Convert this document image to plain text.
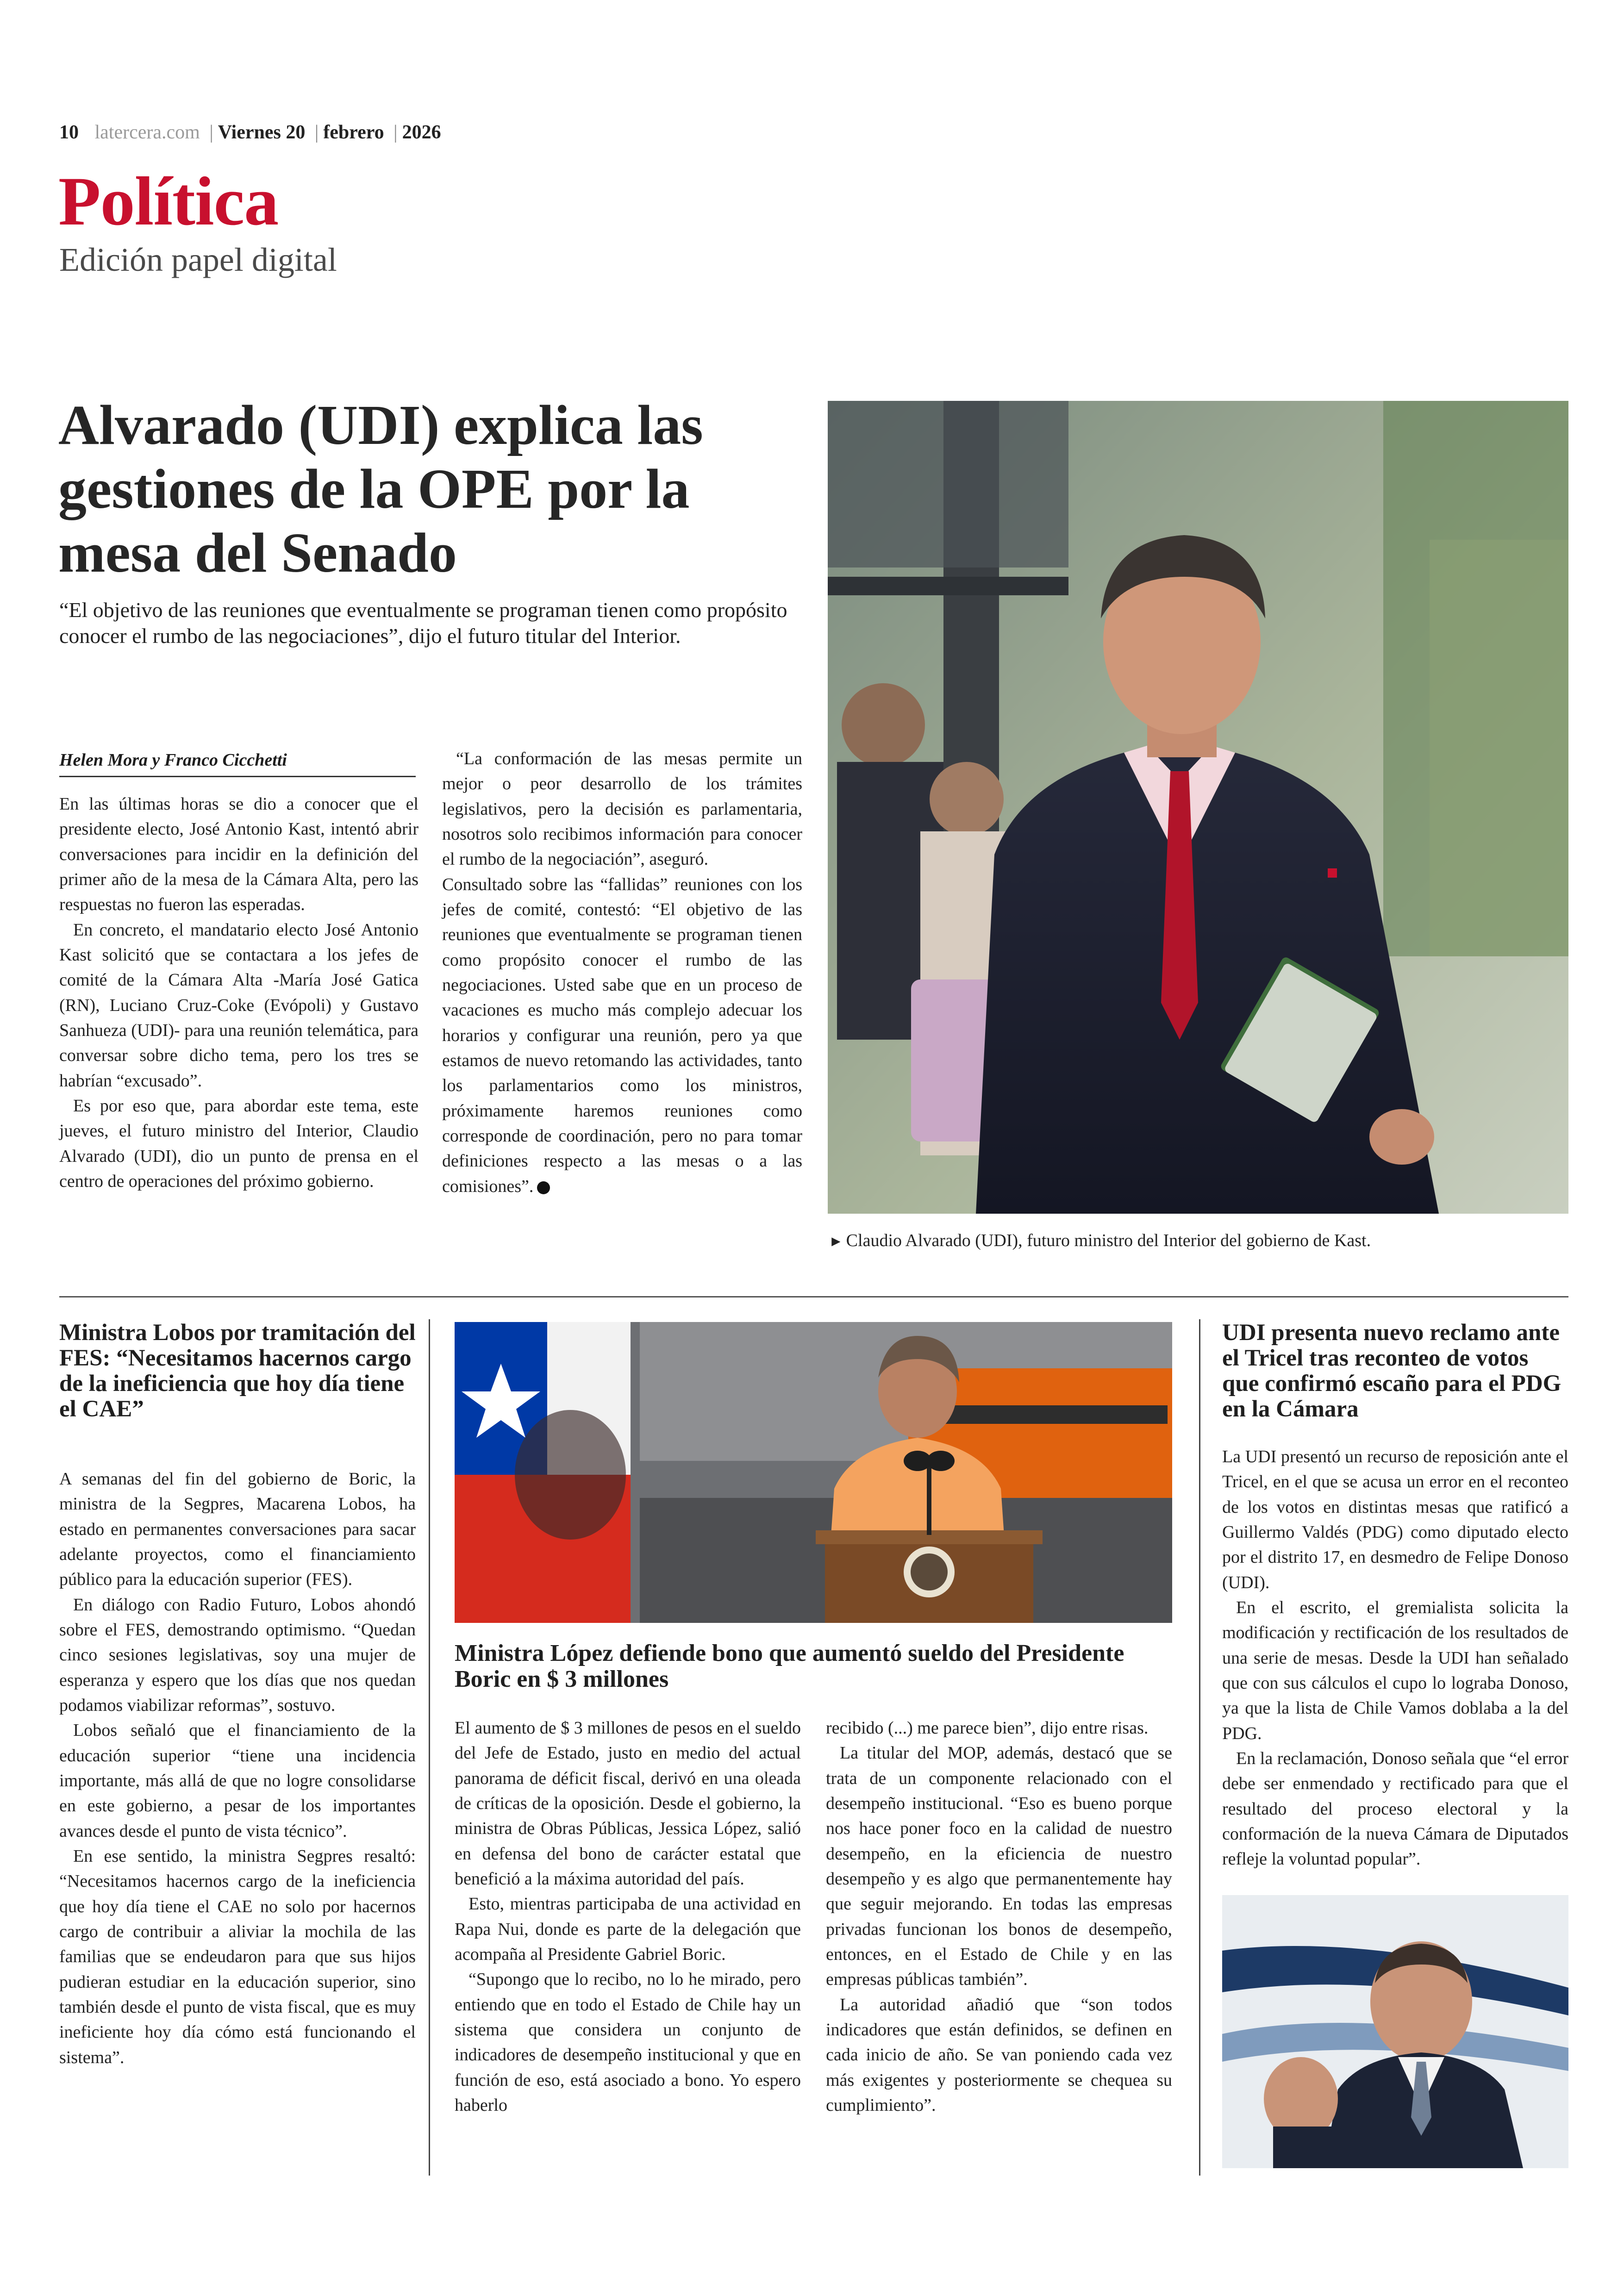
10 latercera.com | Viernes 20 | febrero | 2026
Política
Edición papel digital
Alvarado (UDI) explica las gestiones de la OPE por la mesa del Senado

“El objetivo de las reuniones que eventualmente se programan tienen como propósito conocer el rumbo de las negociaciones”, dijo el futuro titular del Interior.

Helen Mora y Franco Cicchetti

En las últimas horas se dio a conocer que el presidente electo, José Antonio Kast, intentó abrir conversaciones para incidir en la definición del primer año de la mesa de la Cámara Alta, pero las respuestas no fueron las esperadas.

En concreto, el mandatario electo José Antonio Kast solicitó que se contactara a los jefes de comité de la Cámara Alta -María José Gatica (RN), Luciano Cruz-Coke (Evópoli) y Gustavo Sanhueza (UDI)- para una reunión telemática, para conversar sobre dicho tema, pero los tres se habrían “excusado”.

Es por eso que, para abordar este tema, este jueves, el futuro ministro del Interior, Claudio Alvarado (UDI), dio un punto de prensa en el centro de operaciones del próximo gobierno.

“La conformación de las mesas permite un mejor o peor desarrollo de los trámites legislativos, pero la decisión es parlamentaria, nosotros solo recibimos información para conocer el rumbo de la negociación”, aseguró.

Consultado sobre las “fallidas” reuniones con los jefes de comité, contestó: “El objetivo de las reuniones que eventualmente se programan tienen como propósito conocer el rumbo de las negociaciones. Usted sabe que en un proceso de vacaciones es mucho más complejo adecuar los horarios y configurar una reunión, pero ya que estamos de nuevo retomando las actividades, tanto los parlamentarios como los ministros, próximamente haremos reuniones como corresponde de coordinación, pero no para tomar definiciones respecto a las mesas o a las comisiones”.

► Claudio Alvarado (UDI), futuro ministro del Interior del gobierno de Kast.
Ministra Lobos por tramitación del FES: “Necesitamos hacernos cargo de la ineficiencia que hoy día tiene el CAE”

A semanas del fin del gobierno de Boric, la ministra de la Segpres, Macarena Lobos, ha estado en permanentes conversaciones para sacar adelante proyectos, como el financiamiento público para la educación superior (FES).

En diálogo con Radio Futuro, Lobos ahondó sobre el FES, demostrando optimismo. “Quedan cinco sesiones legislativas, soy una mujer de esperanza y espero que los días que nos quedan podamos viabilizar reformas”, sostuvo.

Lobos señaló que el financiamiento de la educación superior “tiene una incidencia importante, más allá de que no logre consolidarse en este gobierno, a pesar de los importantes avances desde el punto de vista técnico”.

En ese sentido, la ministra Segpres resaltó: “Necesitamos hacernos cargo de la ineficiencia que hoy día tiene el CAE no solo por hacernos cargo de contribuir a aliviar la mochila de las familias que se endeudaron para que sus hijos pudieran estudiar en la educación superior, sino también desde el punto de vista fiscal, que es muy ineficiente hoy día cómo está funcionando el sistema”.

Ministra López defiende bono que aumentó sueldo del Presidente Boric en $ 3 millones

El aumento de $ 3 millones de pesos en el sueldo del Jefe de Estado, justo en medio del actual panorama de déficit fiscal, derivó en una oleada de críticas de la oposición. Desde el gobierno, la ministra de Obras Públicas, Jessica López, salió en defensa del bono de carácter estatal que benefició a la máxima autoridad del país.

Esto, mientras participaba de una actividad en Rapa Nui, donde es parte de la delegación que acompaña al Presidente Gabriel Boric.

“Supongo que lo recibo, no lo he mirado, pero entiendo que en todo el Estado de Chile hay un sistema que considera un conjunto de indicadores de desempeño institucional y que en función de eso, está asociado a bono. Yo espero haberlo

recibido (...) me parece bien”, dijo entre risas.

La titular del MOP, además, destacó que se trata de un componente relacionado con el desempeño institucional. “Eso es bueno porque nos hace poner foco en la calidad de nuestro desempeño, en la eficiencia de nuestro desempeño y es algo que permanentemente hay que seguir mejorando. En todas las empresas privadas funcionan los bonos de desempeño, entonces, en el Estado de Chile y en las empresas públicas también”.

La autoridad añadió que “son todos indicadores que están definidos, se definen en cada inicio de año. Se van poniendo cada vez más exigentes y posteriormente se chequea su cumplimiento”.

UDI presenta nuevo reclamo ante el Tricel tras reconteo de votos que confirmó escaño para el PDG en la Cámara

La UDI presentó un recurso de reposición ante el Tricel, en el que se acusa un error en el reconteo de los votos en distintas mesas que ratificó a Guillermo Valdés (PDG) como diputado electo por el distrito 17, en desmedro de Felipe Donoso (UDI).

En el escrito, el gremialista solicita la modificación y rectificación de los resultados de una serie de mesas. Desde la UDI han señalado que con sus cálculos el cupo lo lograba Donoso, ya que la lista de Chile Vamos doblaba a la del PDG.

En la reclamación, Donoso señala que “el error debe ser enmendado y rectificado para que el resultado del proceso electoral y la conformación de la nueva Cámara de Diputados refleje la voluntad popular”.
